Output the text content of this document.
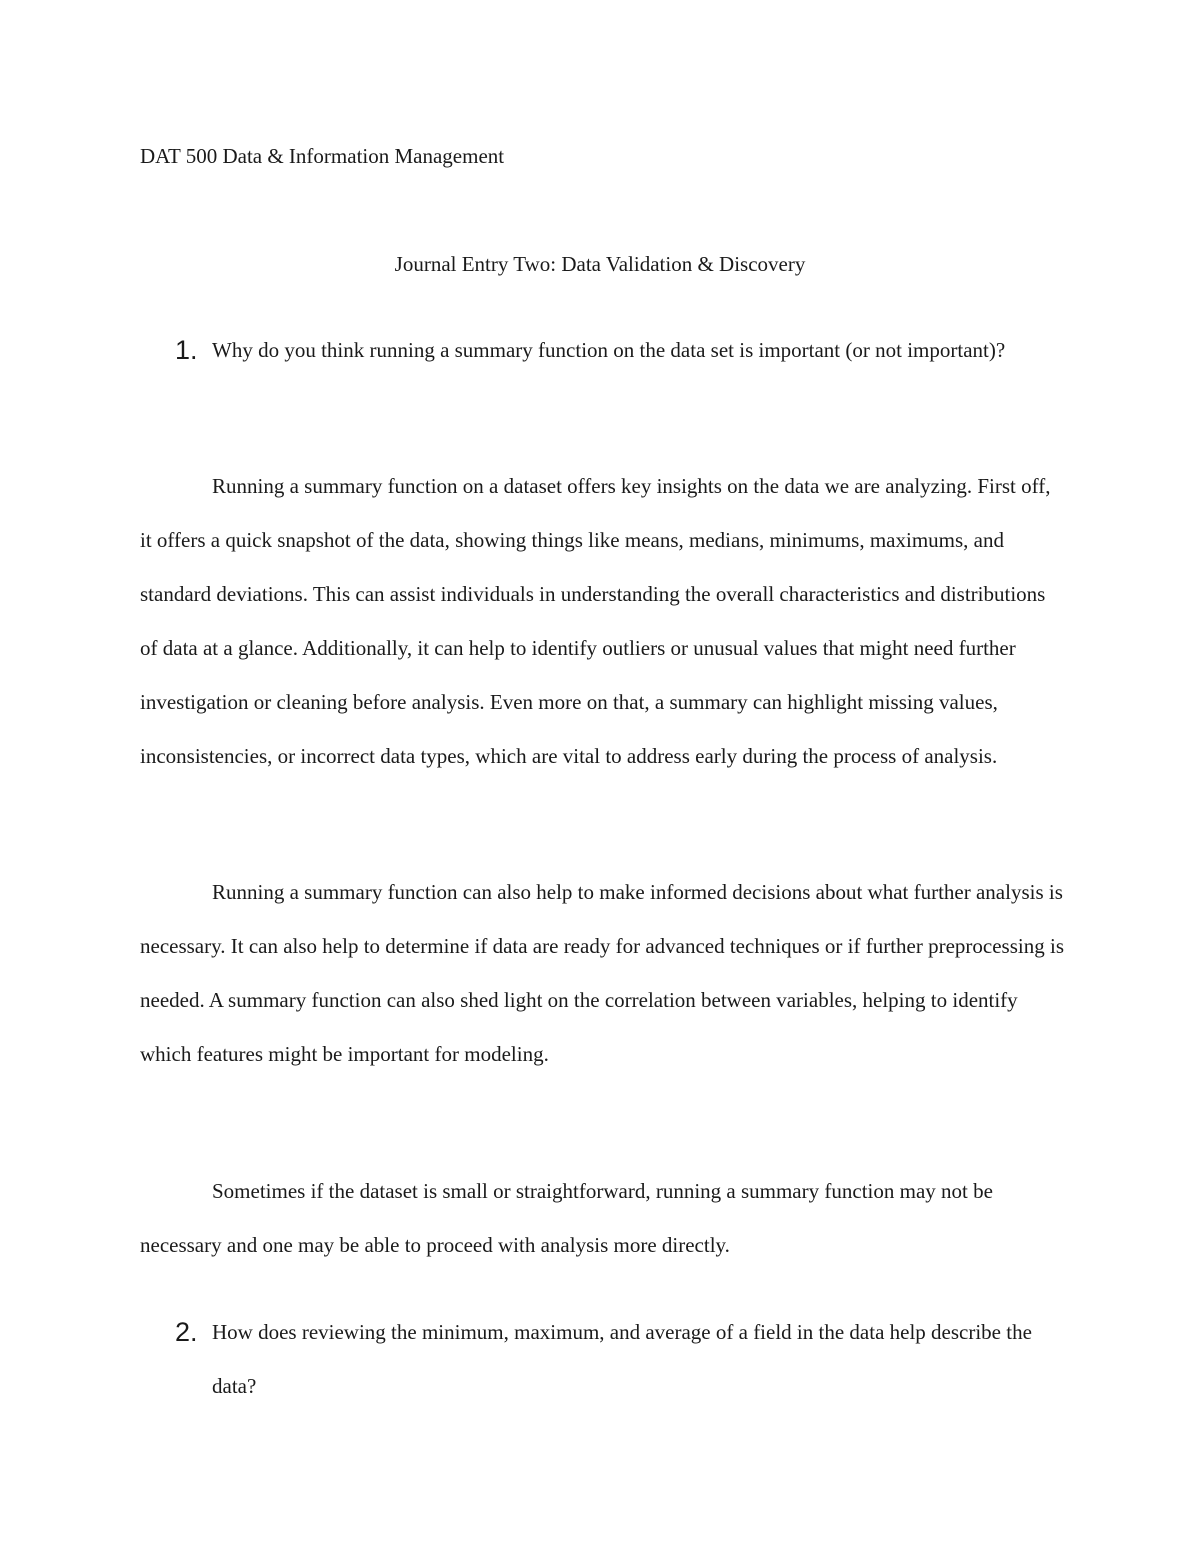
DAT 500 Data & Information Management
Journal Entry Two: Data Validation & Discovery
1. Why do you think running a summary function on the data set is important (or not important)?

Running a summary function on a dataset offers key insights on the data we are analyzing. First off, it offers a quick snapshot of the data, showing things like means, medians, minimums, maximums, and standard deviations. This can assist individuals in understanding the overall characteristics and distributions of data at a glance. Additionally, it can help to identify outliers or unusual values that might need further investigation or cleaning before analysis. Even more on that, a summary can highlight missing values, inconsistencies, or incorrect data types, which are vital to address early during the process of analysis.

Running a summary function can also help to make informed decisions about what further analysis is necessary. It can also help to determine if data are ready for advanced techniques or if further preprocessing is needed. A summary function can also shed light on the correlation between variables, helping to identify which features might be important for modeling.

Sometimes if the dataset is small or straightforward, running a summary function may not be necessary and one may be able to proceed with analysis more directly.

2. How does reviewing the minimum, maximum, and average of a field in the data help describe the data?
